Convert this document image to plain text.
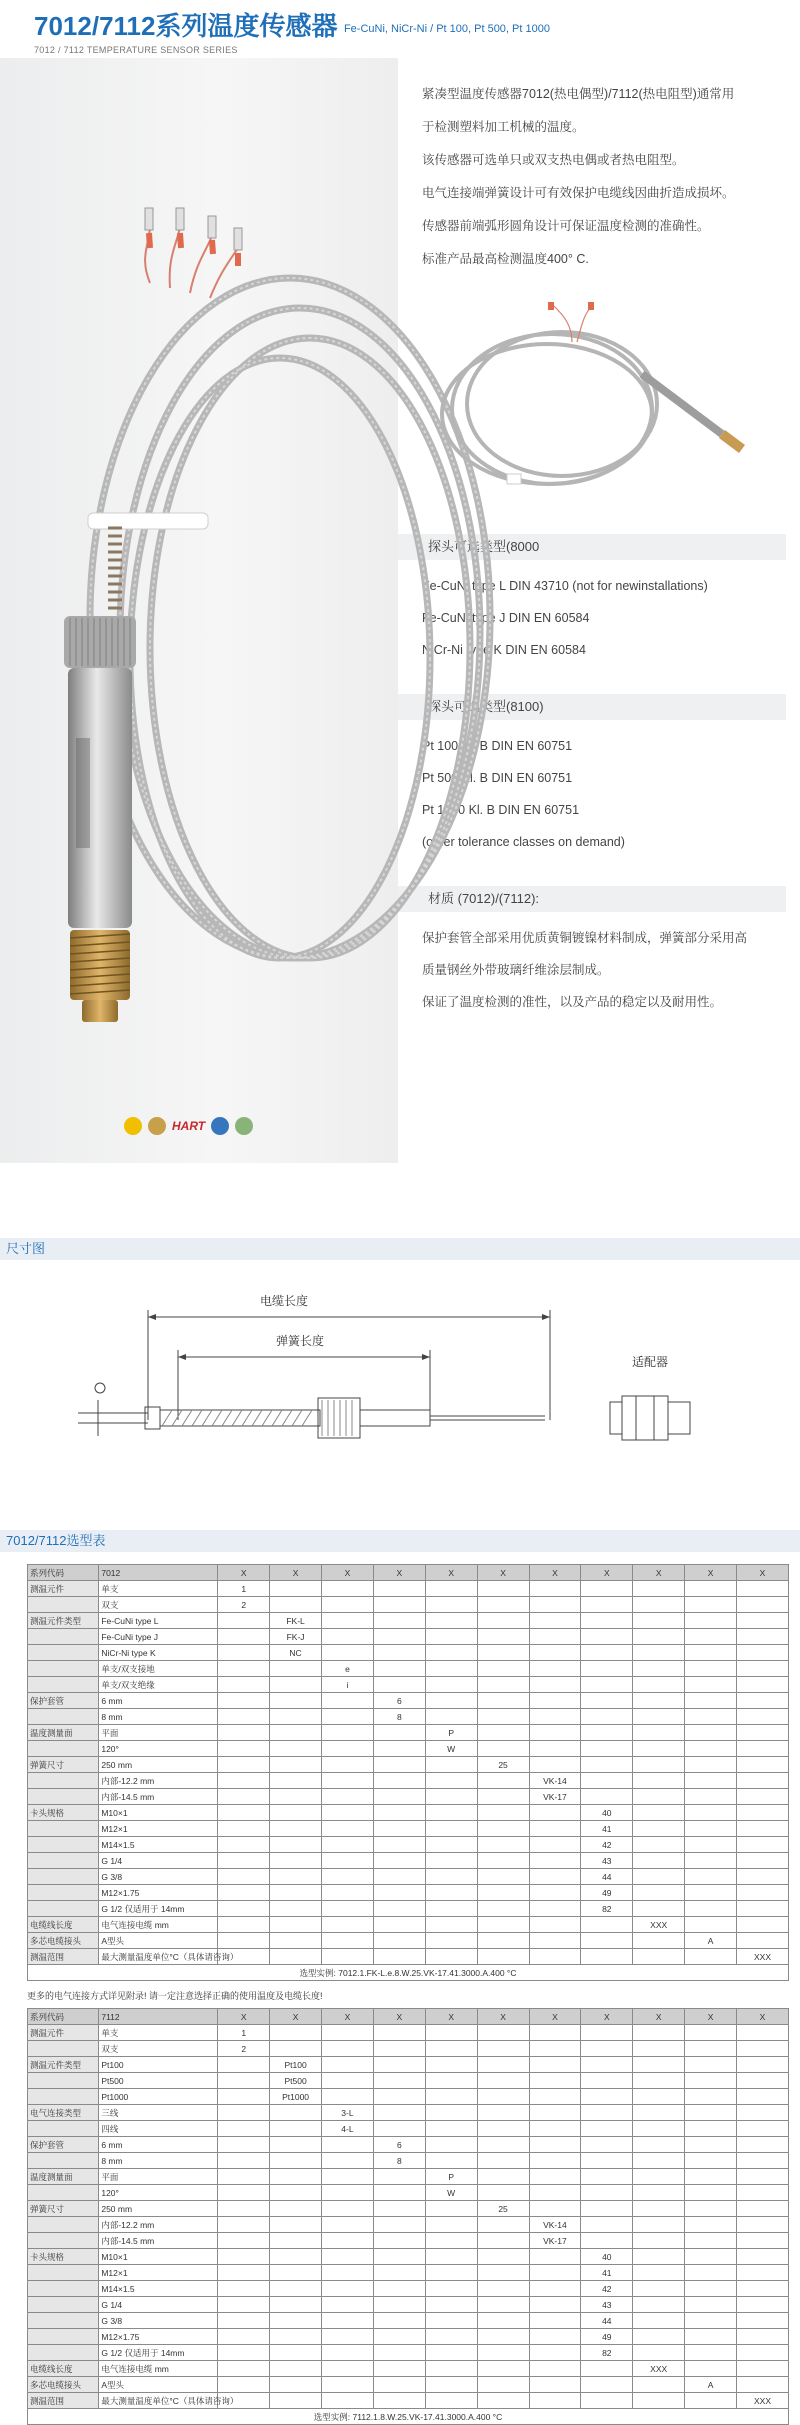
7012/7112系列温度传感器 Fe-CuNi, NiCr-Ni / Pt 100, Pt 500, Pt 1000
7012 / 7112 TEMPERATURE SENSOR SERIES
HART

紧凑型温度传感器7012(热电偶型)/7112(热电阻型)通常用

于检测塑料加工机械的温度。

该传感器可选单只或双支热电偶或者热电阻型。

电气连接端弹簧设计可有效保护电缆线因曲折造成损坏。

传感器前端弧形圆角设计可保证温度检测的准确性。

标准产品最高检测温度400° C.

探头可选类型(8000

Fe-CuNi type L DIN 43710 (not for newinstallations)

Fe-CuNi type J DIN EN 60584

NiCr-Ni type K DIN EN 60584

探头可选类型(8100)

Pt 100 Kl. B DIN EN 60751

Pt 500 Kl. B DIN EN 60751

Pt 1000 Kl. B DIN EN 60751

(other tolerance classes on demand)

材质 (7012)/(7112):

保护套管全部采用优质黄铜镀镍材料制成，弹簧部分采用高

质量钢丝外带玻璃纤维涂层制成。

保证了温度检测的准性，以及产品的稳定以及耐用性。

尺寸图
电缆长度
弹簧长度
适配器
7012/7112选型表
系列代码	7012	X	X	X	X	X	X	X	X	X	X	X
测温元件	单支	1										
	双支	2										
测温元件类型	Fe-CuNi type L		FK-L									
	Fe-CuNi type J		FK-J									
	NiCr-Ni type K		NC									
	单支/双支接地			e								
	单支/双支绝缘			i								
保护套管	6 mm				6							
	8 mm				8							
温度测量面	平面					P						
	120°					W						
弹簧尺寸	250 mm						25					
	内部-12.2 mm							VK-14				
	内部-14.5 mm							VK-17				
卡头规格	M10×1								40			
	M12×1								41			
	M14×1.5								42			
	G 1/4								43			
	G 3/8								44			
	M12×1.75								49			
	G 1/2 仅适用于 14mm								82			
电缆线长度	电气连接电缆 mm									XXX		
多芯电缆接头	A型头										A	
测温范围	最大测量温度单位°C（具体请咨询）											XXX
选型实例: 7012.1.FK-L.e.8.W.25.VK-17.41.3000.A.400 °C												
更多的电气连接方式详见附录! 请一定注意选择正确的使用温度及电缆长度!
系列代码	7112	X	X	X	X	X	X	X	X	X	X	X
测温元件	单支	1										
	双支	2										
测温元件类型	Pt100		Pt100									
	Pt500		Pt500									
	Pt1000		Pt1000									
电气连接类型	三线			3-L								
	四线			4-L								
保护套管	6 mm				6							
	8 mm				8							
温度测量面	平面					P						
	120°					W						
弹簧尺寸	250 mm						25					
	内部-12.2 mm							VK-14				
	内部-14.5 mm							VK-17				
卡头规格	M10×1								40			
	M12×1								41			
	M14×1.5								42			
	G 1/4								43			
	G 3/8								44			
	M12×1.75								49			
	G 1/2 仅适用于 14mm								82			
电缆线长度	电气连接电缆 mm									XXX		
多芯电缆接头	A型头										A	
测温范围	最大测量温度单位°C（具体请咨询）											XXX
选型实例: 7112.1.8.W.25.VK-17.41.3000.A.400 °C												
